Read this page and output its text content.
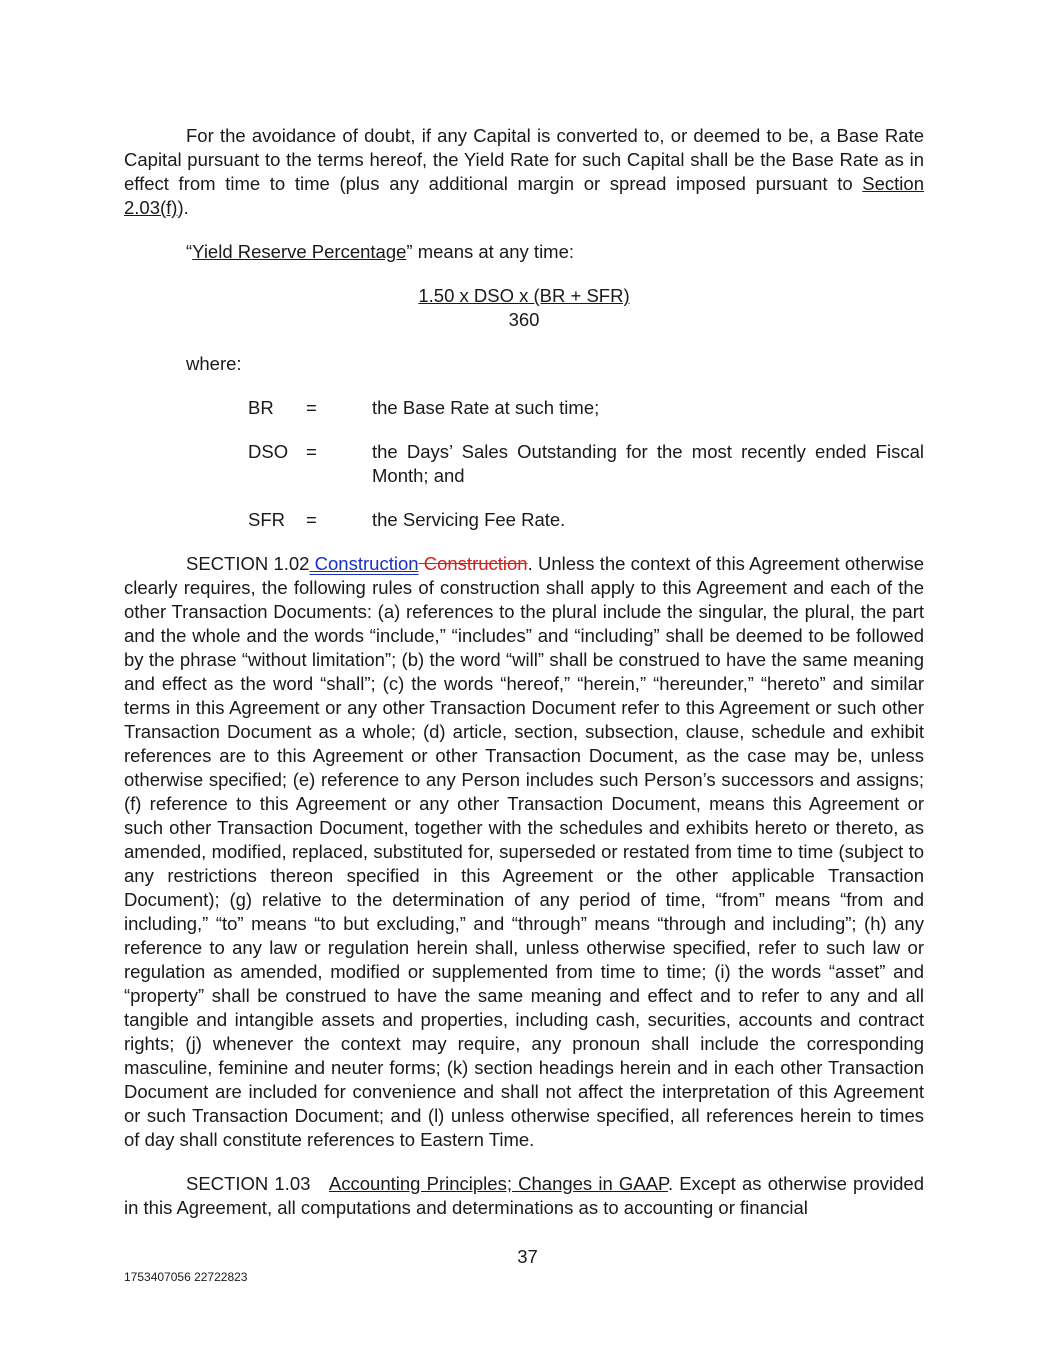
For the avoidance of doubt, if any Capital is converted to, or deemed to be, a Base Rate Capital pursuant to the terms hereof, the Yield Rate for such Capital shall be the Base Rate as in effect from time to time (plus any additional margin or spread imposed pursuant to Section 2.03(f)).

“Yield Reserve Percentage” means at any time:

1.50 x DSO x (BR + SFR)
360

where:

BR	=	the Base Rate at such time;
DSO =	the Days’ Sales Outstanding for the most recently ended Fiscal Month; and
SFR	=	the Servicing Fee Rate.

SECTION 1.02 Construction Construction. Unless the context of this Agreement otherwise clearly requires, the following rules of construction shall apply to this Agreement and each of the other Transaction Documents: (a) references to the plural include the singular, the plural, the part and the whole and the words “include,” “includes” and “including” shall be deemed to be followed by the phrase “without limitation”; (b) the word “will” shall be construed to have the same meaning and effect as the word “shall”; (c) the words “hereof,” “herein,” “hereunder,” “hereto” and similar terms in this Agreement or any other Transaction Document refer to this Agreement or such other Transaction Document as a whole; (d) article, section, subsection, clause, schedule and exhibit references are to this Agreement or other Transaction Document, as the case may be, unless otherwise specified; (e) reference to any Person includes such Person’s successors and assigns; (f) reference to this Agreement or any other Transaction Document, means this Agreement or such other Transaction Document, together with the schedules and exhibits hereto or thereto, as amended, modified, replaced, substituted for, superseded or restated from time to time (subject to any restrictions thereon specified in this Agreement or the other applicable Transaction Document); (g) relative to the determination of any period of time, “from” means “from and including,” “to” means “to but excluding,” and “through” means “through and including”; (h) any reference to any law or regulation herein shall, unless otherwise specified, refer to such law or regulation as amended, modified or supplemented from time to time; (i) the words “asset” and “property” shall be construed to have the same meaning and effect and to refer to any and all tangible and intangible assets and properties, including cash, securities, accounts and contract rights; (j) whenever the context may require, any pronoun shall include the corresponding masculine, feminine and neuter forms; (k) section headings herein and in each other Transaction Document are included for convenience and shall not affect the interpretation of this Agreement or such Transaction Document; and (l) unless otherwise specified, all references herein to times of day shall constitute references to Eastern Time.

SECTION 1.03 Accounting Principles; Changes in GAAP. Except as otherwise provided in this Agreement, all computations and determinations as to accounting or financial

37
1753407056 22722823
